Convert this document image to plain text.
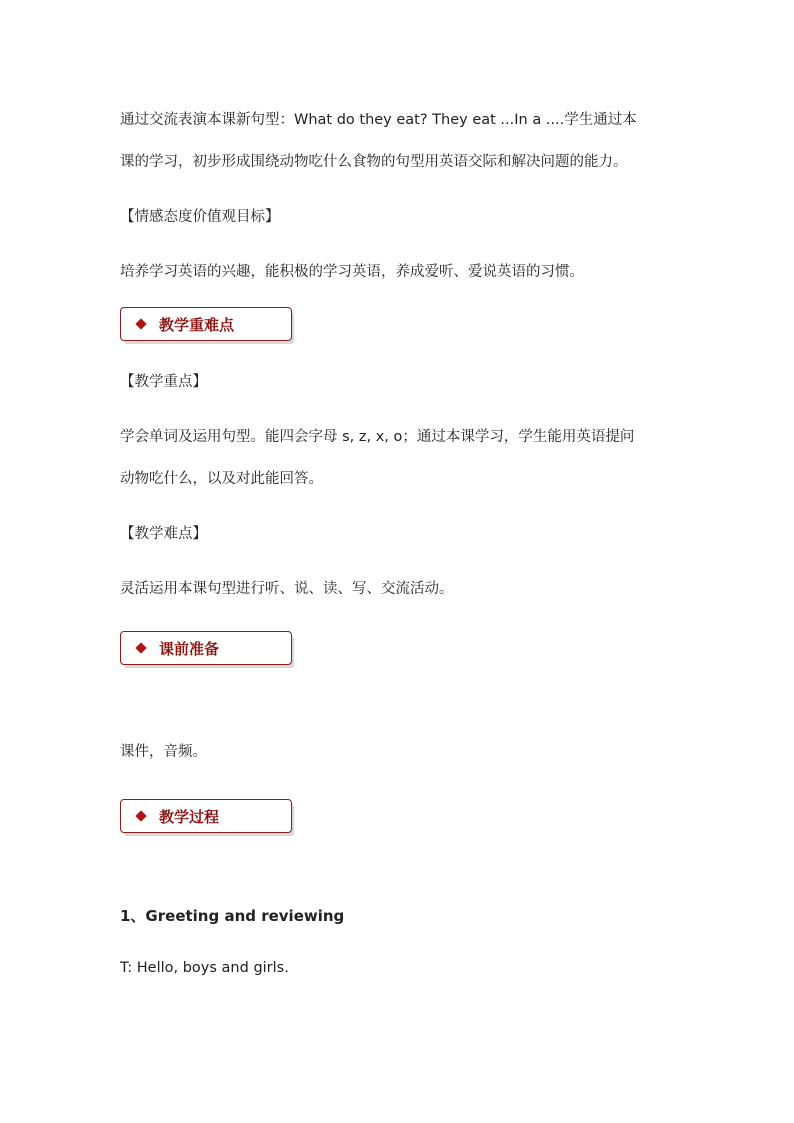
通过交流表演本课新句型：What do they eat? They eat ...In a ....学生通过本

课的学习，初步形成围绕动物吃什么食物的句型用英语交际和解决问题的能力。

【情感态度价值观目标】

培养学习英语的兴趣，能积极的学习英语，养成爱听、爱说英语的习惯。

教学重难点

【教学重点】

学会单词及运用句型。能四会字母 s, z, x, o；通过本课学习，学生能用英语提问

动物吃什么，以及对此能回答。

【教学难点】

灵活运用本课句型进行听、说、读、写、交流活动。

课前准备

课件，音频。

教学过程

1、Greeting and reviewing

T: Hello, boys and girls.
